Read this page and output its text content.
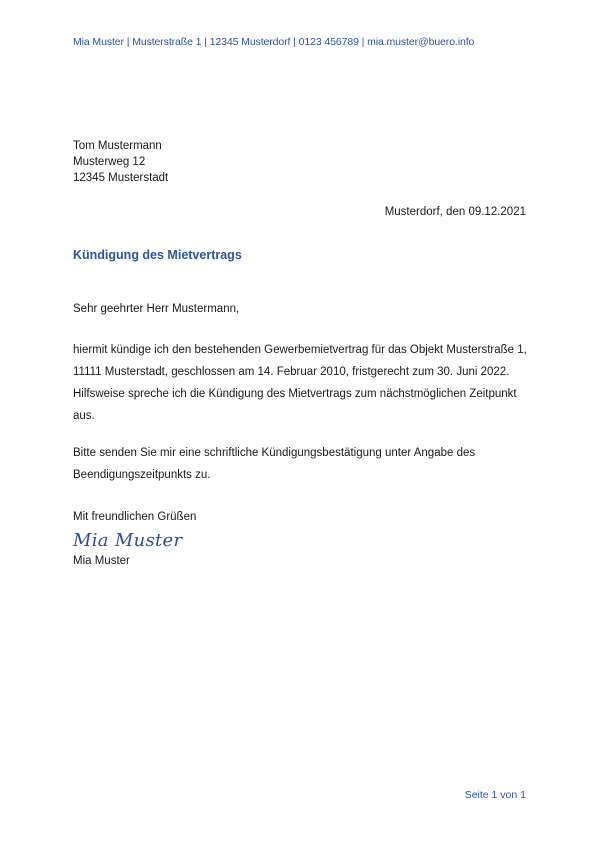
Mia Muster | Musterstraße 1 | 12345 Musterdorf | 0123 456789 | mia.muster@buero.info
Tom Mustermann
Musterweg 12
12345 Musterstadt
Musterdorf, den 09.12.2021
Kündigung des Mietvertrags
Sehr geehrter Herr Mustermann,
hiermit kündige ich den bestehenden Gewerbemietvertrag für das Objekt Musterstraße 1, 11111 Musterstadt, geschlossen am 14. Februar 2010, fristgerecht zum 30. Juni 2022. Hilfsweise spreche ich die Kündigung des Mietvertrags zum nächstmöglichen Zeitpunkt aus.
Bitte senden Sie mir eine schriftliche Kündigungsbestätigung unter Angabe des Beendigungszeitpunkts zu.
Mit freundlichen Grüßen
Mia Muster
Mia Muster
Seite 1 von 1
